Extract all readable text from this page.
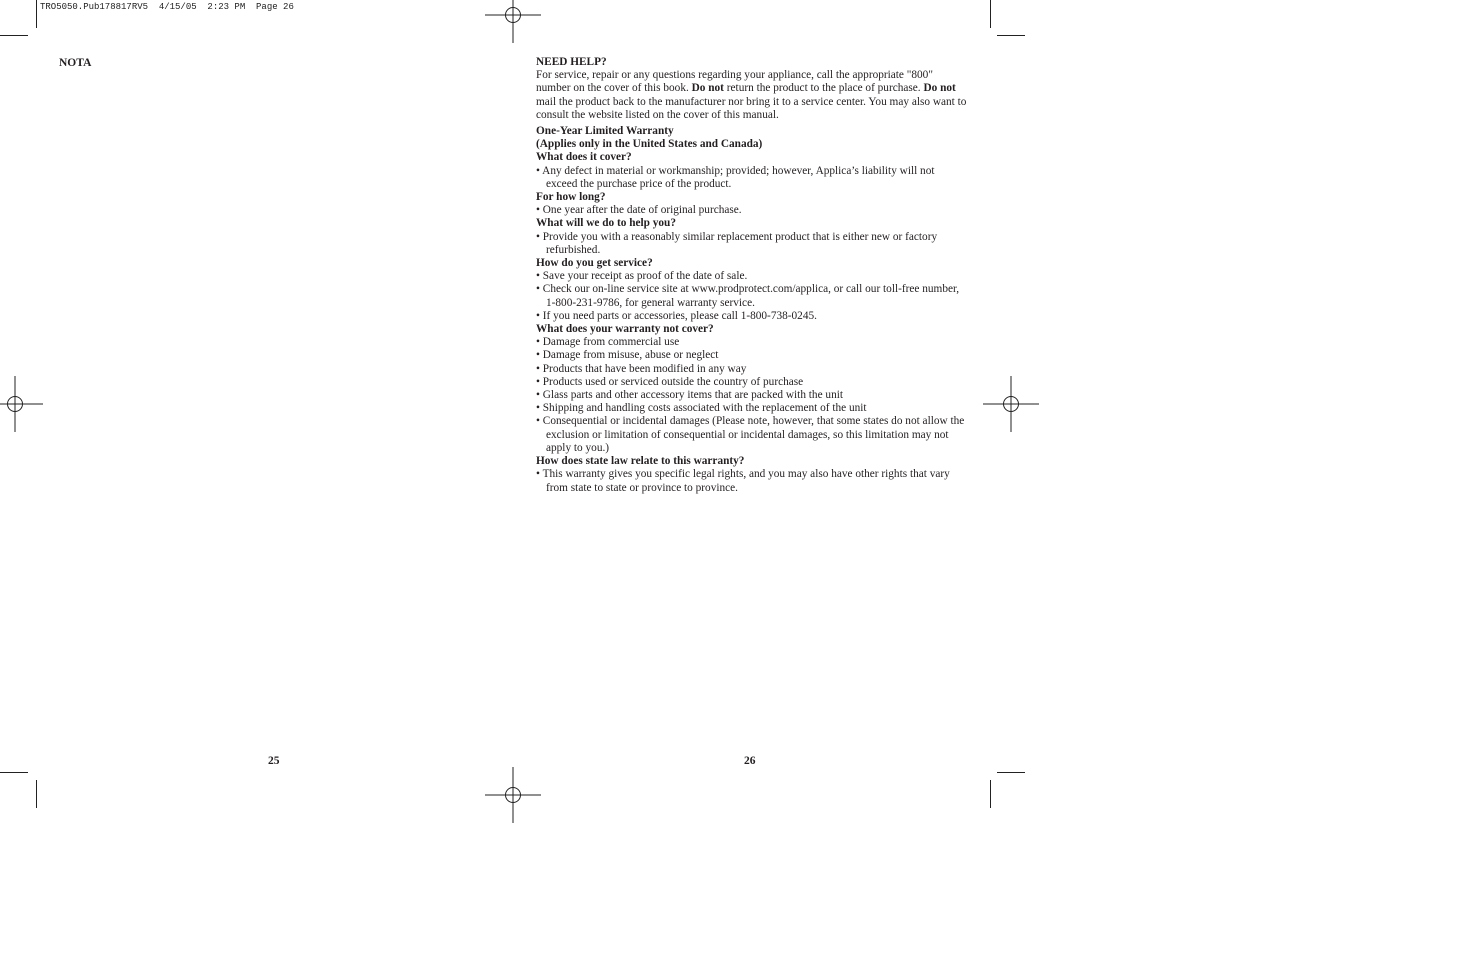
TRO5050.Pub178817RV5  4/15/05  2:23 PM  Page 26
NOTA
25

NEED HELP?

For service, repair or any questions regarding your appliance, call the appropriate "800" number on the cover of this book. Do not return the product to the place of purchase. Do not mail the product back to the manufacturer nor bring it to a service center. You may also want to consult the website listed on the cover of this manual.

One-Year Limited Warranty

(Applies only in the United States and Canada)

What does it cover?

• Any defect in material or workmanship; provided; however, Applica’s liability will not exceed the purchase price of the product.

For how long?

• One year after the date of original purchase.

What will we do to help you?

• Provide you with a reasonably similar replacement product that is either new or factory refurbished.

How do you get service?

• Save your receipt as proof of the date of sale.

• Check our on-line service site at www.prodprotect.com/applica, or call our toll-free number, 1-800-231-9786, for general warranty service.

• If you need parts or accessories, please call 1-800-738-0245.

What does your warranty not cover?

• Damage from commercial use

• Damage from misuse, abuse or neglect

• Products that have been modified in any way

• Products used or serviced outside the country of purchase

• Glass parts and other accessory items that are packed with the unit

• Shipping and handling costs associated with the replacement of the unit

• Consequential or incidental damages (Please note, however, that some states do not allow the exclusion or limitation of consequential or incidental damages, so this limitation may not apply to you.)

How does state law relate to this warranty?

• This warranty gives you specific legal rights, and you may also have other rights that vary from state to state or province to province.

26
